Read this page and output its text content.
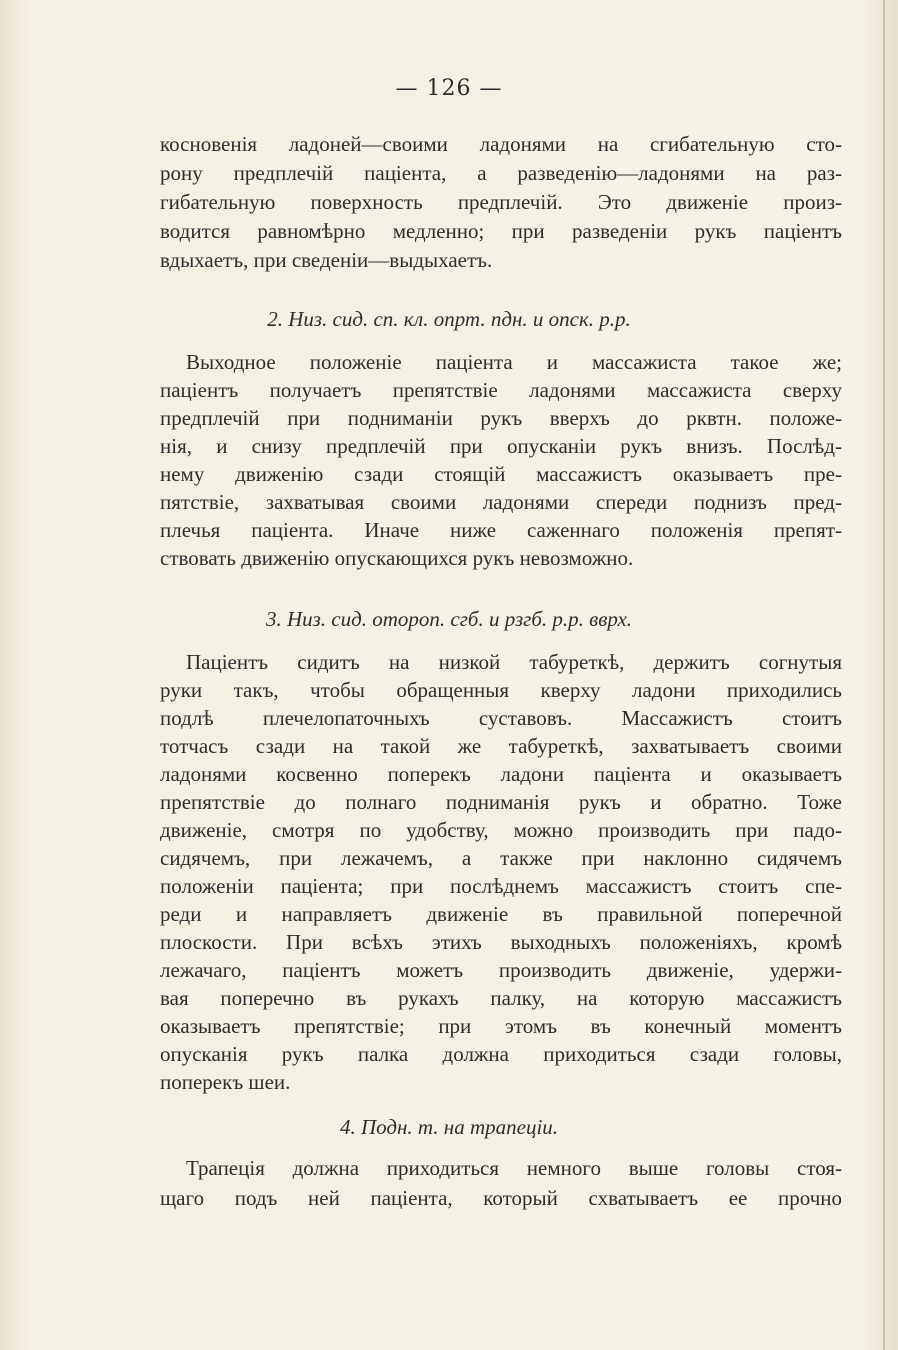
— 126 —
косновенія ладоней—своими ладонями на сгибательную сто-
рону предплечій пацiента, а разведенію—ладонями на раз-
гибательную поверхность предплечій. Это движеніе произ-
водится равномѣрно медленно; при разведеніи рукъ пацiентъ
вдыхаетъ, при сведеніи—выдыхаетъ.
2. Низ. сид. сп. кл. опрт. пдн. и опск. р.р.
Выходное положеніе пацiента и массажиста такое же;
пацiентъ получаетъ препятствіе ладонями массажиста сверху
предплечій при подниманіи рукъ вверхъ до рквтн. положе-
нія, и снизу предплечій при опусканіи рукъ внизъ. Послѣд-
нему движенію сзади стоящій массажистъ оказываетъ пре-
пятствіе, захватывая своими ладонями спереди поднизъ пред-
плечья пацiента. Иначе ниже саженнаго положенія препят-
ствовать движенію опускающихся рукъ невозможно.
3. Низ. сид. оторoп. сгб. и рзгб. р.р. вврх.
Пацiентъ сидитъ на низкой табуреткѣ, держитъ согнутыя
руки такъ, чтобы обращенныя кверху ладони приходились
подлѣ плечелопаточныхъ суставовъ. Массажистъ стоитъ
тотчасъ сзади на такой же табуреткѣ, захватываетъ своими
ладонями косвенно поперекъ ладони пацiента и оказываетъ
препятствіе до полнаго подниманія рукъ и обратно. Тоже
движеніе, смотря по удобству, можно производить при падо-
сидячемъ, при лежачемъ, а также при наклонно сидячемъ
положеніи пацiента; при послѣднемъ массажистъ стоитъ спе-
реди и направляетъ движеніе въ правильной поперечной
плоскости. При всѣхъ этихъ выходныхъ положеніяхъ, кромѣ
лежачаго, пацiентъ можетъ производить движеніе, удержи-
вая поперечно въ рукахъ палку, на которую массажистъ
оказываетъ препятствіе; при этомъ въ конечный моментъ
опусканія рукъ палка должна приходиться сзади головы,
поперекъ шеи.
4. Подн. т. на трапеціи.
Трапеція должна приходиться немного выше головы стоя-
щаго подъ ней пацiента, который схватываетъ ее прочно
